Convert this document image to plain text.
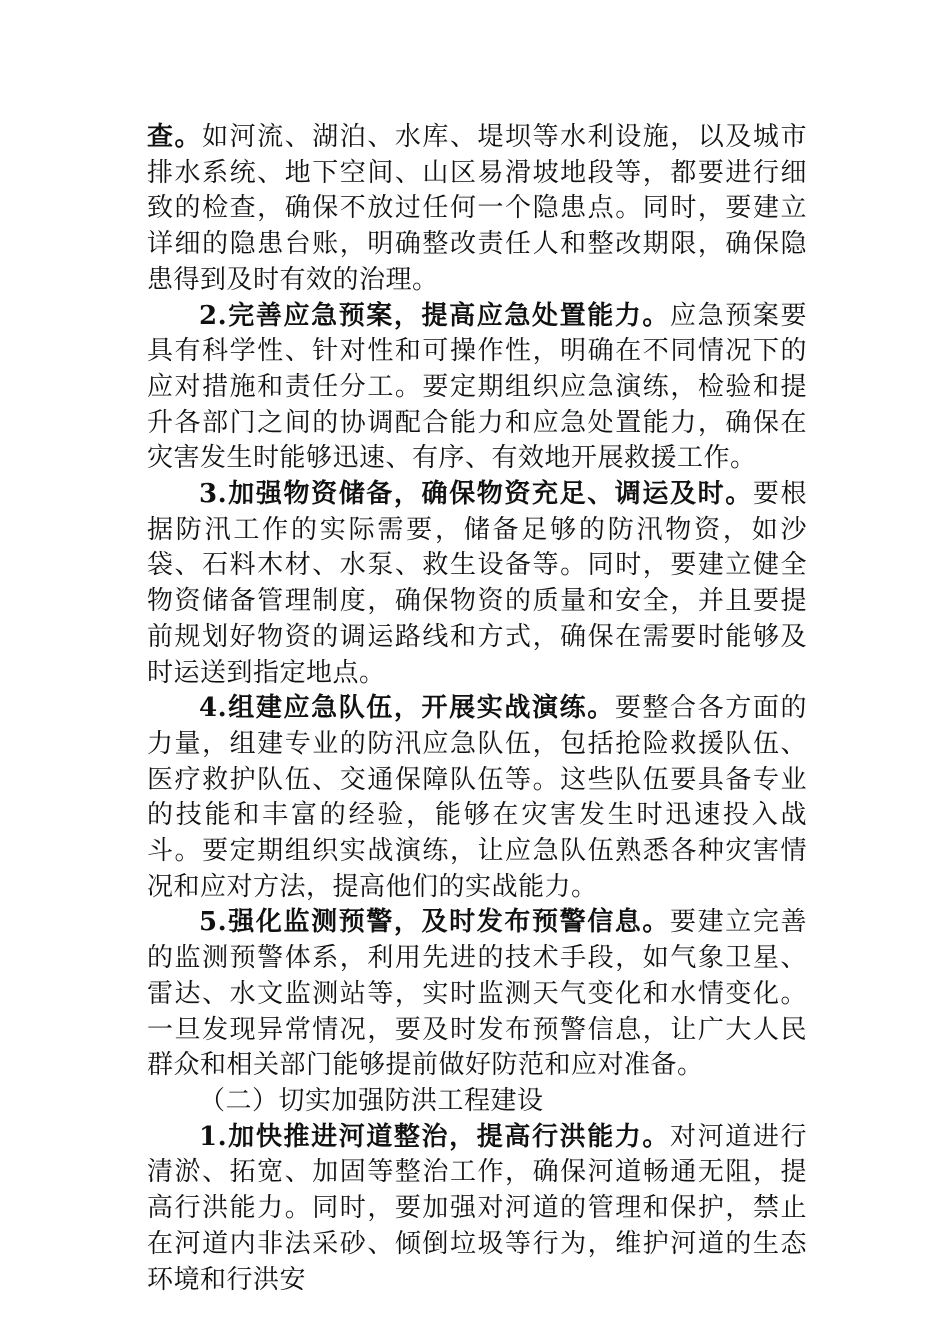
查。如河流、湖泊、水库、堤坝等水利设施，以及城市排水系统、地下空间、山区易滑坡地段等，都要进行细致的检查，确保不放过任何一个隐患点。同时，要建立详细的隐患台账，明确整改责任人和整改期限，确保隐患得到及时有效的治理。

2.完善应急预案，提高应急处置能力。应急预案要具有科学性、针对性和可操作性，明确在不同情况下的应对措施和责任分工。要定期组织应急演练，检验和提升各部门之间的协调配合能力和应急处置能力，确保在灾害发生时能够迅速、有序、有效地开展救援工作。

3.加强物资储备，确保物资充足、调运及时。要根据防汛工作的实际需要，储备足够的防汛物资，如沙袋、石料木材、水泵、救生设备等。同时，要建立健全物资储备管理制度，确保物资的质量和安全，并且要提前规划好物资的调运路线和方式，确保在需要时能够及时运送到指定地点。

4.组建应急队伍，开展实战演练。要整合各方面的力量，组建专业的防汛应急队伍，包括抢险救援队伍、医疗救护队伍、交通保障队伍等。这些队伍要具备专业的技能和丰富的经验，能够在灾害发生时迅速投入战斗。要定期组织实战演练，让应急队伍熟悉各种灾害情况和应对方法，提高他们的实战能力。

5.强化监测预警，及时发布预警信息。要建立完善的监测预警体系，利用先进的技术手段，如气象卫星、雷达、水文监测站等，实时监测天气变化和水情变化。一旦发现异常情况，要及时发布预警信息，让广大人民群众和相关部门能够提前做好防范和应对准备。

（二）切实加强防洪工程建设

1.加快推进河道整治，提高行洪能力。对河道进行清淤、拓宽、加固等整治工作，确保河道畅通无阻，提高行洪能力。同时，要加强对河道的管理和保护，禁止在河道内非法采砂、倾倒垃圾等行为，维护河道的生态环境和行洪安
